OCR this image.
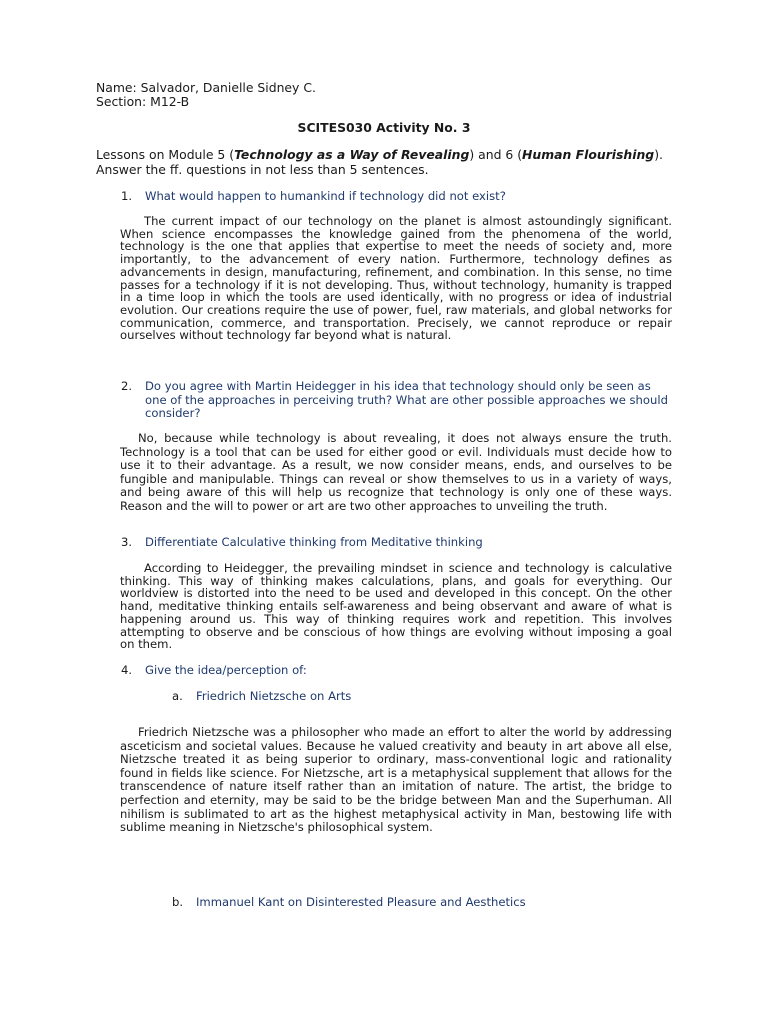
Name: Salvador, Danielle Sidney C.
Section: M12-B
SCITES030 Activity No. 3
Lessons on Module 5 (Technology as a Way of Revealing) and 6 (Human Flourishing). Answer the ff. questions in not less than 5 sentences.
1. What would happen to humankind if technology did not exist?
The current impact of our technology on the planet is almost astoundingly significant. When science encompasses the knowledge gained from the phenomena of the world, technology is the one that applies that expertise to meet the needs of society and, more importantly, to the advancement of every nation. Furthermore, technology defines as advancements in design, manufacturing, refinement, and combination. In this sense, no time passes for a technology if it is not developing. Thus, without technology, humanity is trapped in a time loop in which the tools are used identically, with no progress or idea of industrial evolution. Our creations require the use of power, fuel, raw materials, and global networks for communication, commerce, and transportation. Precisely, we cannot reproduce or repair ourselves without technology far beyond what is natural.
2. Do you agree with Martin Heidegger in his idea that technology should only be seen as one of the approaches in perceiving truth? What are other possible approaches we should consider?
No, because while technology is about revealing, it does not always ensure the truth. Technology is a tool that can be used for either good or evil. Individuals must decide how to use it to their advantage. As a result, we now consider means, ends, and ourselves to be fungible and manipulable. Things can reveal or show themselves to us in a variety of ways, and being aware of this will help us recognize that technology is only one of these ways. Reason and the will to power or art are two other approaches to unveiling the truth.
3. Differentiate Calculative thinking from Meditative thinking
According to Heidegger, the prevailing mindset in science and technology is calculative thinking. This way of thinking makes calculations, plans, and goals for everything. Our worldview is distorted into the need to be used and developed in this concept. On the other hand, meditative thinking entails self-awareness and being observant and aware of what is happening around us. This way of thinking requires work and repetition. This involves attempting to observe and be conscious of how things are evolving without imposing a goal on them.
4. Give the idea/perception of:
a. Friedrich Nietzsche on Arts
Friedrich Nietzsche was a philosopher who made an effort to alter the world by addressing asceticism and societal values. Because he valued creativity and beauty in art above all else, Nietzsche treated it as being superior to ordinary, mass-conventional logic and rationality found in fields like science. For Nietzsche, art is a metaphysical supplement that allows for the transcendence of nature itself rather than an imitation of nature. The artist, the bridge to perfection and eternity, may be said to be the bridge between Man and the Superhuman. All nihilism is sublimated to art as the highest metaphysical activity in Man, bestowing life with sublime meaning in Nietzsche's philosophical system.
b. Immanuel Kant on Disinterested Pleasure and Aesthetics
